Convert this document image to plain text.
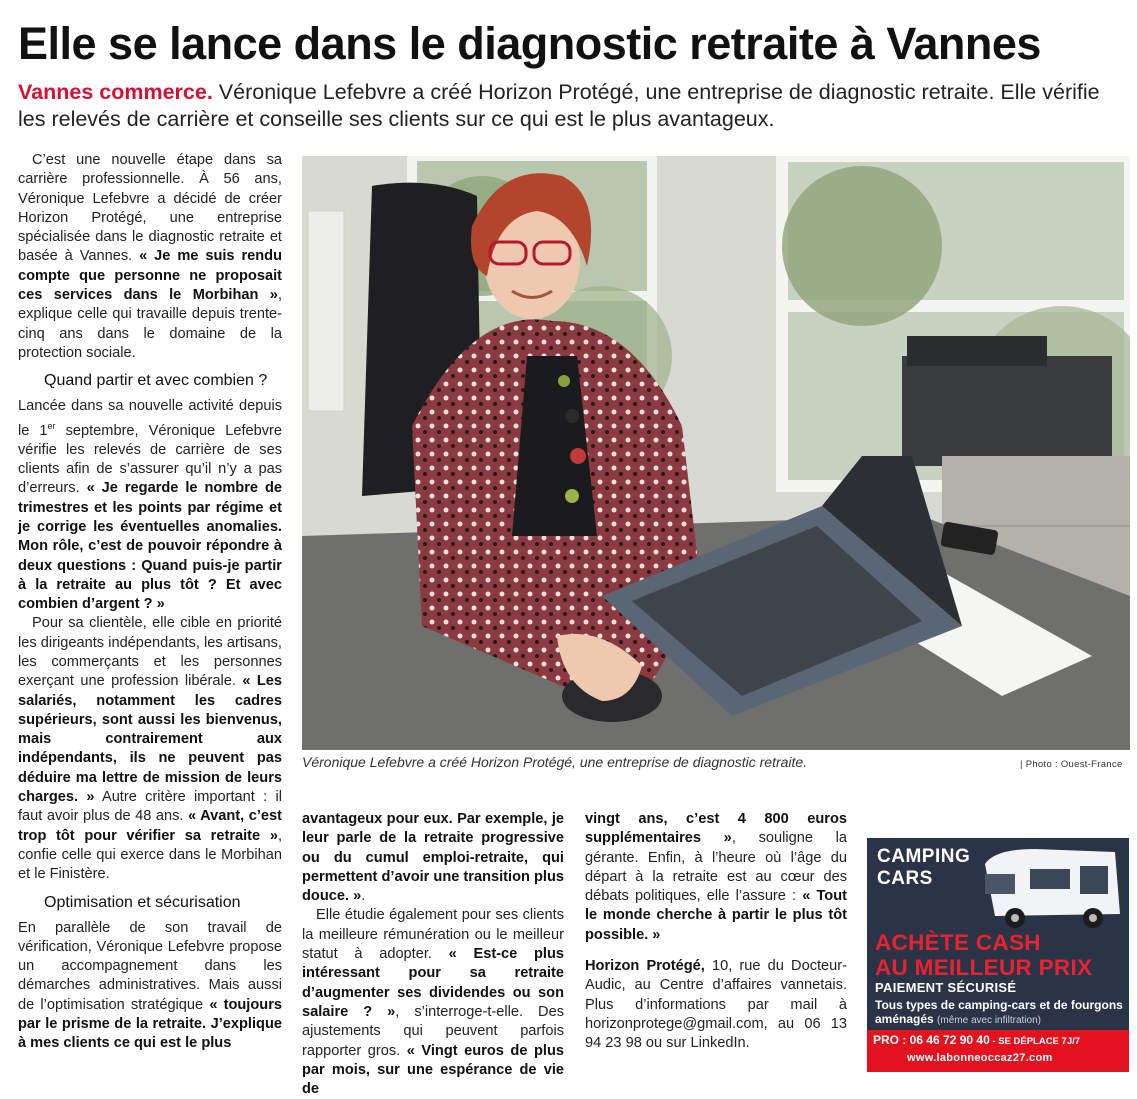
Elle se lance dans le diagnostic retraite à Vannes
Vannes commerce. Véronique Lefebvre a créé Horizon Protégé, une entreprise de diagnostic retraite. Elle vérifie les relevés de carrière et conseille ses clients sur ce qui est le plus avantageux.

C’est une nouvelle étape dans sa carrière professionnelle. À 56 ans, Véronique Lefebvre a décidé de créer Horizon Protégé, une entreprise spécialisée dans le diagnostic retraite et basée à Vannes. « Je me suis rendu compte que personne ne proposait ces services dans le Morbihan », explique celle qui travaille depuis trente-cinq ans dans le domaine de la protection sociale.

Quand partir et avec combien ?

Lancée dans sa nouvelle activité depuis le 1er septembre, Véronique Lefebvre vérifie les relevés de carrière de ses clients afin de s’assurer qu’il n’y a pas d’erreurs. « Je regarde le nombre de trimestres et les points par régime et je corrige les éventuelles anomalies. Mon rôle, c’est de pouvoir répondre à deux questions : Quand puis-je partir à la retraite au plus tôt ? Et avec combien d’argent ? »

Pour sa clientèle, elle cible en priorité les dirigeants indépendants, les artisans, les commerçants et les personnes exerçant une profession libérale. « Les salariés, notamment les cadres supérieurs, sont aussi les bienvenus, mais contrairement aux indépendants, ils ne peuvent pas déduire ma lettre de mission de leurs charges. » Autre critère important : il faut avoir plus de 48 ans. « Avant, c’est trop tôt pour vérifier sa retraite », confie celle qui exerce dans le Morbihan et le Finistère.

Optimisation et sécurisation

En parallèle de son travail de vérification, Véronique Lefebvre propose un accompagnement dans les démarches administratives. Mais aussi de l’optimisation stratégique « toujours par le prisme de la retraite. J’explique à mes clients ce qui est le plus

Véronique Lefebvre a créé Horizon Protégé, une entreprise de diagnostic retraite.	| Photo : Ouest-France

avantageux pour eux. Par exemple, je leur parle de la retraite progressive ou du cumul emploi-retraite, qui permettent d’avoir une transition plus douce. ».

Elle étudie également pour ses clients la meilleure rémunération ou le meilleur statut à adopter. « Est-ce plus intéressant pour sa retraite d’augmenter ses dividendes ou son salaire ? », s’interroge-t-elle. Des ajustements qui peuvent parfois rapporter gros. « Vingt euros de plus par mois, sur une espérance de vie de

vingt ans, c’est 4 800 euros supplémentaires », souligne la gérante. Enfin, à l’heure où l’âge du départ à la retraite est au cœur des débats politiques, elle l’assure : « Tout le monde cherche à partir le plus tôt possible. »

Horizon Protégé, 10, rue du Docteur-Audic, au Centre d’affaires vannetais. Plus d’informations par mail à horizonprotege@gmail.com, au 06 13 94 23 98 ou sur LinkedIn.

CAMPING
CARS
ACHÈTE CASH
AU MEILLEUR PRIX
PAIEMENT SÉCURISÉ
Tous types de camping-cars et de fourgons aménagés (même avec infiltration)
PRO : 06 46 72 90 40 - SE DÉPLACE 7J/7
www.labonneoccaz27.com
